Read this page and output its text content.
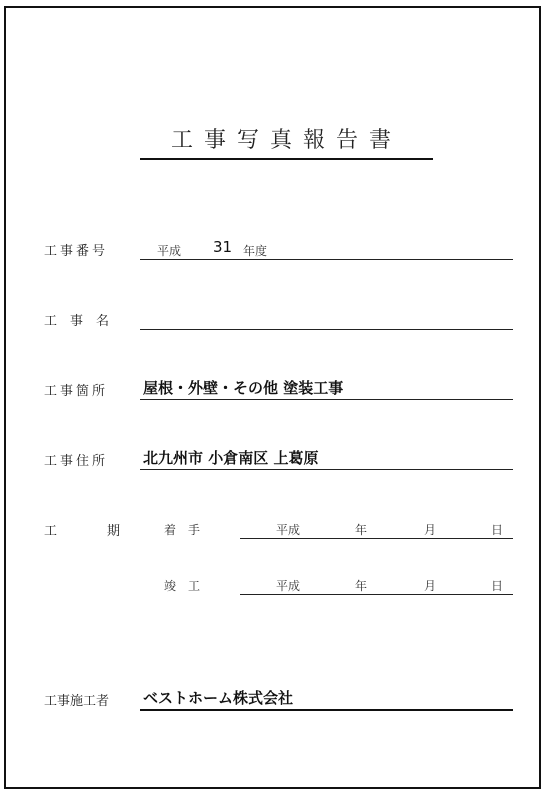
工事写真報告書
工事番号	平成 31 年度
工　事　名
工事箇所 屋根・外壁・その他 塗装工事
工事住所 北九州市 小倉南区 上葛原
工　　期	着　手	平成	年	月	日
竣　工	平成	年	月	日
工事施工者 ベストホーム株式会社
